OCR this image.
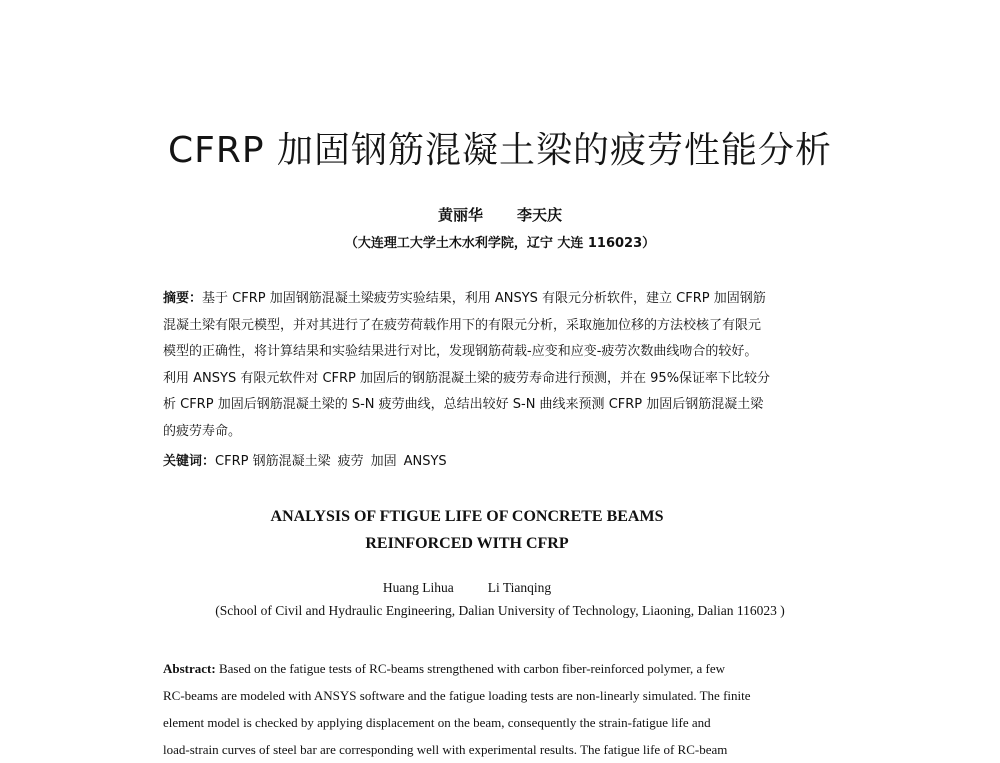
CFRP 加固钢筋混凝土梁的疲劳性能分析
黄丽华 李天庆
（大连理工大学土木水利学院，辽宁 大连 116023）
摘要：基于 CFRP 加固钢筋混凝土梁疲劳实验结果，利用 ANSYS 有限元分析软件，建立 CFRP 加固钢筋
混凝土梁有限元模型，并对其进行了在疲劳荷载作用下的有限元分析，采取施加位移的方法校核了有限元
模型的正确性，将计算结果和实验结果进行对比，发现钢筋荷载-应变和应变-疲劳次数曲线吻合的较好。
利用 ANSYS 有限元软件对 CFRP 加固后的钢筋混凝土梁的疲劳寿命进行预测，并在 95%保证率下比较分
析 CFRP 加固后钢筋混凝土梁的 S-N 疲劳曲线，总结出较好 S-N 曲线来预测 CFRP 加固后钢筋混凝土梁
的疲劳寿命。
关键词：CFRP 钢筋混凝土梁 疲劳 加固 ANSYS
ANALYSIS OF FTIGUE LIFE OF CONCRETE BEAMS
REINFORCED WITH CFRP
Huang Lihua	Li Tianqing
(School of Civil and Hydraulic Engineering, Dalian University of Technology, Liaoning, Dalian 116023 )
Abstract: Based on the fatigue tests of RC-beams strengthened with carbon fiber-reinforced polymer, a few
RC-beams are modeled with ANSYS software and the fatigue loading tests are non-linearly simulated. The finite
element model is checked by applying displacement on the beam, consequently the strain-fatigue life and
load-strain curves of steel bar are corresponding well with experimental results. The fatigue life of RC-beam
